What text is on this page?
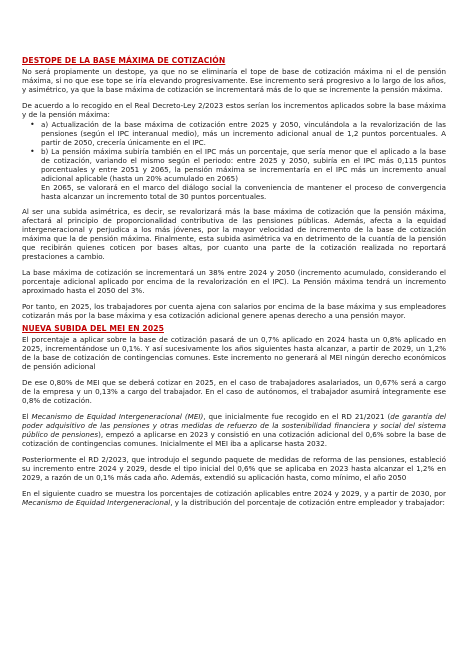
DESTOPE DE LA BASE MÁXIMA DE COTIZACIÓN

No será propiamente un destope, ya que no se eliminaría el tope de base de cotización máxima ni el de pensión máxima, si no que ese tope se iría elevando progresivamente. Ese incremento será progresivo a lo largo de los años, y asimétrico, ya que la base máxima de cotización se incrementará más de lo que se incremente la pensión máxima.

De acuerdo a lo recogido en el Real Decreto-Ley 2/2023 estos serían los incrementos aplicados sobre la base máxima y de la pensión máxima:

• a) Actualización de la base máxima de cotización entre 2025 y 2050, vinculándola a la revalorización de las pensiones (según el IPC interanual medio), más un incremento adicional anual de 1,2 puntos porcentuales. A partir de 2050, crecería únicamente en el IPC.
• b) La pensión máxima subiría también en el IPC más un porcentaje, que sería menor que el aplicado a la base de cotización, variando el mismo según el periodo: entre 2025 y 2050, subiría en el IPC más 0,115 puntos porcentuales y entre 2051 y 2065, la pensión máxima se incrementaría en el IPC más un incremento anual adicional aplicable (hasta un 20% acumulado en 2065)
En 2065, se valorará en el marco del diálogo social la conveniencia de mantener el proceso de convergencia hasta alcanzar un incremento total de 30 puntos porcentuales.

Al ser una subida asimétrica, es decir, se revalorizará más la base máxima de cotización que la pensión máxima, afectará al principio de proporcionalidad contributiva de las pensiones públicas. Además, afecta a la equidad intergeneracional y perjudica a los más jóvenes, por la mayor velocidad de incremento de la base de cotización máxima que la de pensión máxima. Finalmente, esta subida asimétrica va en detrimento de la cuantía de la pensión que recibirán quienes coticen por bases altas, por cuanto una parte de la cotización realizada no reportará prestaciones a cambio.

La base máxima de cotización se incrementará un 38% entre 2024 y 2050 (incremento acumulado, considerando el porcentaje adicional aplicado por encima de la revalorización en el IPC). La Pensión máxima tendrá un incremento aproximado hasta el 2050 del 3%.

Por tanto, en 2025, los trabajadores por cuenta ajena con salarios por encima de la base máxima y sus empleadores cotizarán más por la base máxima y esa cotización adicional genere apenas derecho a una pensión mayor.

NUEVA SUBIDA DEL MEI EN 2025

El porcentaje a aplicar sobre la base de cotización pasará de un 0,7% aplicado en 2024 hasta un 0,8% aplicado en 2025, incrementándose un 0,1%. Y así sucesivamente los años siguientes hasta alcanzar, a partir de 2029, un 1,2% de la base de cotización de contingencias comunes. Este incremento no generará al MEI ningún derecho económicos de pensión adicional

De ese 0,80% de MEI que se deberá cotizar en 2025, en el caso de trabajadores asalariados, un 0,67% será a cargo de la empresa y un 0,13% a cargo del trabajador. En el caso de autónomos, el trabajador asumirá íntegramente ese 0,8% de cotización.

El Mecanismo de Equidad Intergeneracional (MEI), que inicialmente fue recogido en el RD 21/2021 (de garantía del poder adquisitivo de las pensiones y otras medidas de refuerzo de la sostenibilidad financiera y social del sistema público de pensiones), empezó a aplicarse en 2023 y consistió en una cotización adicional del 0,6% sobre la base de cotización de contingencias comunes. Inicialmente el MEI iba a aplicarse hasta 2032.

Posteriormente el RD 2/2023, que introdujo el segundo paquete de medidas de reforma de las pensiones, estableció su incremento entre 2024 y 2029, desde el tipo inicial del 0,6% que se aplicaba en 2023 hasta alcanzar el 1,2% en 2029, a razón de un 0,1% más cada año. Además, extendió su aplicación hasta, como mínimo, el año 2050

En el siguiente cuadro se muestra los porcentajes de cotización aplicables entre 2024 y 2029, y a partir de 2030, por Mecanismo de Equidad Intergeneracional, y la distribución del porcentaje de cotización entre empleador y trabajador:
